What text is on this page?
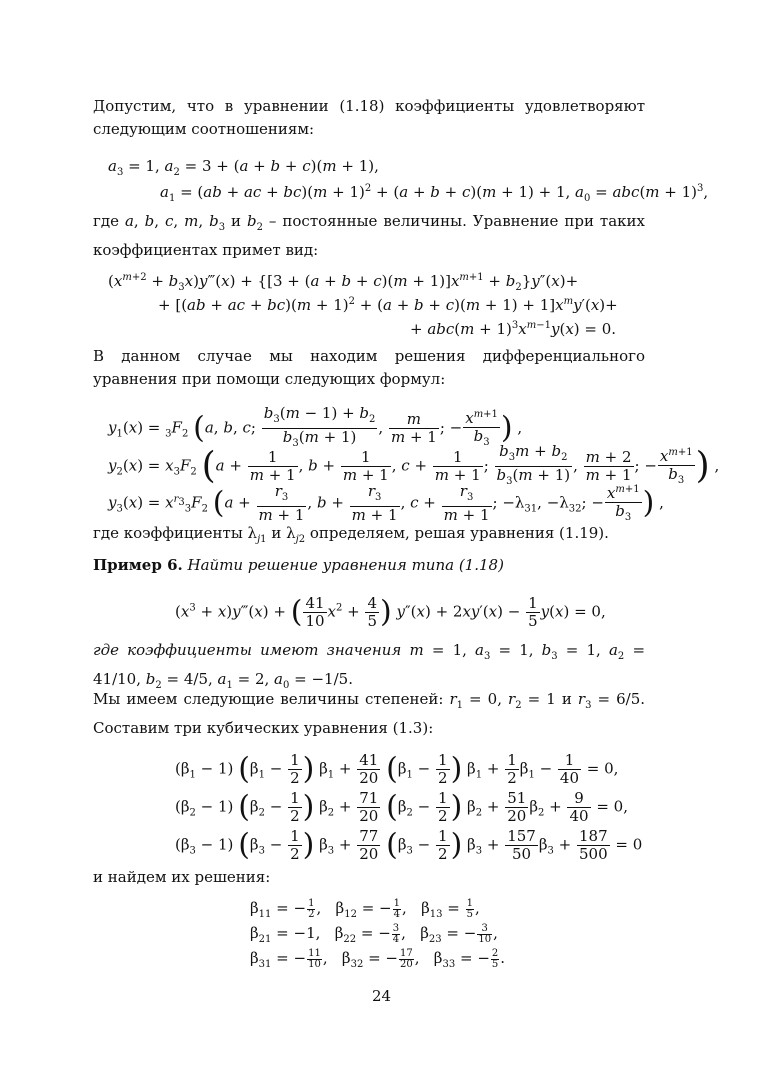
Допустим, что в уравнении (1.18) коэффициенты удовлетворяют следующим соотношениям:

$a_3 = 1$, $a_2 = 3 + (a + b + c)(m + 1)$,
$a_1 = (ab$ + ac + $bc)(m + 1)^2 + (a + b + c)(m + 1) + 1$, $a_0 = abc(m + 1)^3$,

где a, b, c, m, $b_3$ и $b_2$ – постоянные величины. Уравнение при таких коэффициентах примет вид:

($x^{m+2}$ + $b_3x)y‴(x) + \{[3 + (a + b + c)(m + 1)]x^{m+1} + b_2\}y''(x)+$
+ [(ab + ac + $bc)(m + 1)^2 + (a + b + c)(m + 1) + 1]x^my'(x)+$
+ $abc(m + 1)^3x^{m-1}y(x) = 0$.

В данном случае мы находим решения дифференциального уравнения при помощи следующих формул:

$y_1(x) = _3F_2$ (a, b, c; $\frac{b_3(m - 1) + b_2}{b_3(m + 1)}$ , $\frac{m}{m + 1}$ ; − $\frac{x^{m+1}}{b_3}$ ) ,
$y_2(x) = x_3F_2$ ($a + \frac{1}{m + 1}$ , $b + \frac{1}{m + 1}$ , $c + \frac{1}{m + 1}$ ; $\frac{b_3m + b_2}{b_3(m + 1)}$ , $\frac{m + 2}{m + 1}$ ; − $\frac{x^{m+1}}{b_3}$ ) ,
$y_3(x) = x^{r_3}_3F_2$ ($a + \frac{r_3}{m + 1}$ , $b + \frac{r_3}{m + 1}$ , $c + \frac{r_3}{m + 1}$ ; $-\lambda_{31}$, $-\lambda_{32}$; − $\frac{x^{m+1}}{b_3}$ ) ,

где коэффициенты $\lambda_{j1}$ и $\lambda_{j2}$ определяем, решая уравнения (1.19).

Пример 6. Найти решение уравнения типа (1.18)

($x^3$ + x)y‴(x) + ( $\frac{41}{10} x^2 + \frac{4}{5}$ ) $y''(x) + 2xy'(x) - \frac{1}{5} y(x) = 0$,

где коэффициенты имеют значения m = 1, $a_3 = 1$, $b_3 = 1$, $a_2 = 41/10$, $b_2 = 4/5$, $a_1 = 2$, $a_0 = -1/5$.

Мы имеем следующие величины степеней: $r_1 = 0$, $r_2 = 1$ и $r_3 = 6/5$. Составим три кубических уравнения (1.3):

$(\beta_1 - 1) (\beta_1 - \frac{1}{2}$ ) $\beta_1 + \frac{41}{20} (\beta_1 - \frac{1}{2}$ ) $\beta_1 + \frac{1}{2} \beta_1 - \frac{1}{40} = 0$,
$(\beta_2 - 1) (\beta_2 - \frac{1}{2}$ ) $\beta_2 + \frac{71}{20} (\beta_2 - \frac{1}{2}$ ) $\beta_2 + \frac{51}{20} \beta_2 + \frac{9}{40} = 0$,
$(\beta_3 - 1) (\beta_3 - \frac{1}{2}$ ) $\beta_3 + \frac{77}{20} (\beta_3 - \frac{1}{2}$ ) $\beta_3 + \frac{157}{50} \beta_3 + \frac{187}{500} = 0$

и найдем их решения:

$\beta_{11}$ = − $\frac{1}{2}$ ,   $\beta_{12}$ = − $\frac{1}{4}$ ,   $\beta_{13} = \frac{1}{5}$ ,
$\beta_{21} = -1$,   $\beta_{22}$ = − $\frac{3}{4}$ ,   $\beta_{23}$ = − $\frac{3}{10}$ ,
$\beta_{31}$ = − $\frac{11}{10}$ ,   $\beta_{32}$ = − $\frac{17}{20}$ ,   $\beta_{33}$ = − $\frac{2}{5}$ .
24
